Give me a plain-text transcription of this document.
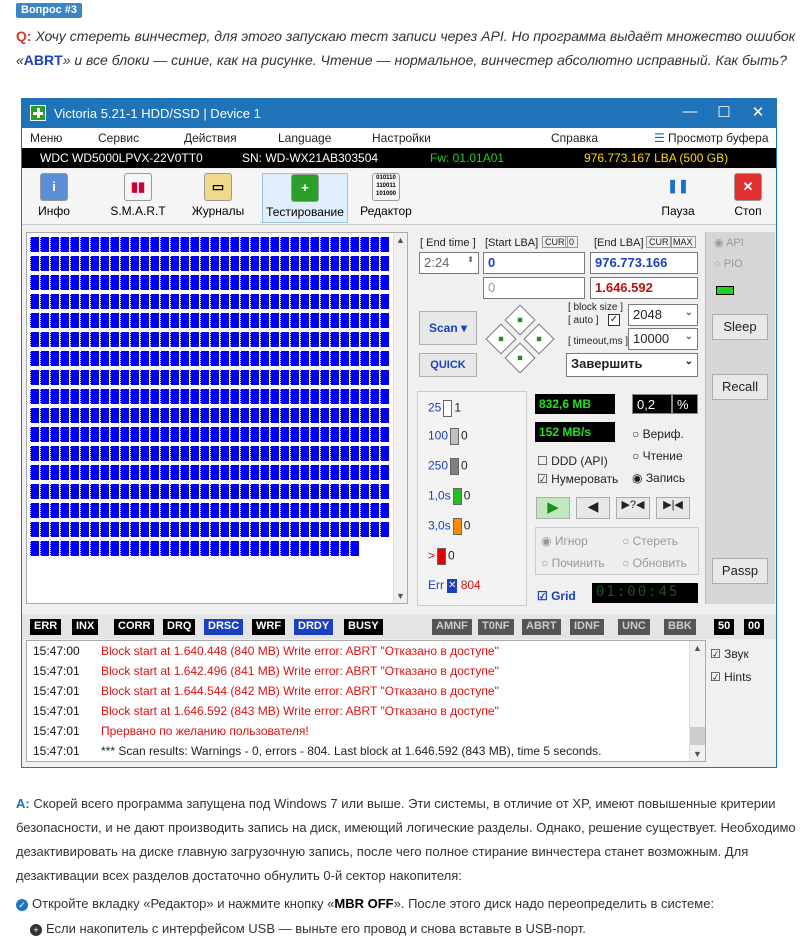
Вопрос #3
Q: Хочу стереть винчестер, для этого запускаю тест записи через API. Но программа выдаёт множество ошибок «ABRT» и все блоки — синие, как на рисунке. Чтение — нормальное, винчестер абсолютно исправный. Как быть?
Victoria 5.21-1 HDD/SSD | Device 1	—	☐	✕
Меню	Сервис	Действия	Language	Настройки	Справка	☰ Просмотр буфера
WDC WD5000LPVX-22V0TT0	SN: WD-WX21AB303504	Fw: 01.01A01	976.773.167 LBA (500 GB)
i
Инфо
▮▮
S.M.A.R.T
▭
Журналы
+
Тестирование
010110
110011
101000
Редактор
❚❚
Пауза
✕
Стоп
▲
▼
[ End time ]
2:24 ⬍
[Start LBA] CUR 0
0
0
[End LBA] CUR MAX
976.773.166
1.646.592
Scan ▾
QUICK
◆
◆	◆
◆
[ block size ]
[ auto ] ✓	2048 ⌄
[ timeout,ms ] 10000 ⌄
Завершить	⌄
25 1
100 0
250 0
1,0s 0
3,0s 0
> 0
Err ✕ 804
832,6 MB	0,2	%
152 MB/s	○ Вериф.
○ Чтение
◉ Запись
☐ DDD (API)
☑ Нумеровать
▶	◀	▶?◀	▶|◀
◉ Игнор	○ Стереть
○ Починить ○ Обновить
☑ Grid 01:00:45
◉ API
○ PIO
Sleep
Recall
Passp
ERR	INX	CORR	DRQ	DRSC	WRF	DRDY	BUSY	AMNF	T0NF	ABRT	IDNF	UNC	BBK	50	00
15:47:00 Block start at 1.640.448 (840 MB) Write error: ABRT "Отказано в доступе"
15:47:01 Block start at 1.642.496 (841 MB) Write error: ABRT "Отказано в доступе"
15:47:01 Block start at 1.644.544 (842 MB) Write error: ABRT "Отказано в доступе"
15:47:01 Block start at 1.646.592 (843 MB) Write error: ABRT "Отказано в доступе"
15:47:01 Прервано по желанию пользователя!
15:47:01 *** Scan results: Warnings - 0, errors - 804. Last block at 1.646.592 (843 MB), time 5 seconds.
▲
▼
☑ Звук
☑ Hints
A: Скорей всего программа запущена под Windows 7 или выше. Эти системы, в отличие от XP, имеют повышенные критерии безопасности, и не дают производить запись на диск, имеющий логические разделы. Однако, решение существует. Необходимо дезактивировать на диске главную загрузочную запись, после чего полное стирание винчестера станет возможным. Для дезактивации всех разделов достаточно обнулить 0-й сектор накопителя:
✓ Откройте вкладку «Редактор» и нажмите кнопку «MBR OFF». После этого диск надо переопределить в системе:
+ Если накопитель с интерфейсом USB — выньте его провод и снова вставьте в USB-порт.
